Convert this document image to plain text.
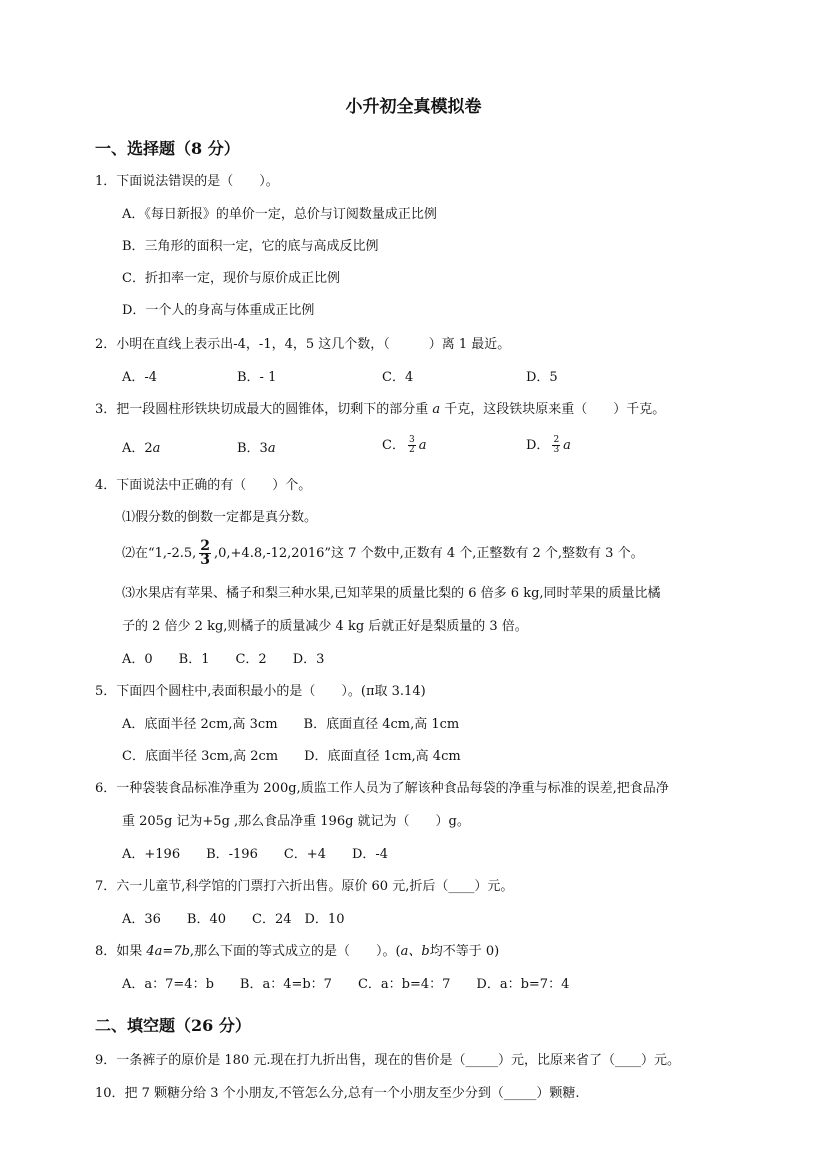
小升初全真模拟卷
一、选择题（8 分）
1．下面说法错误的是（　　）。
A．《每日新报》的单价一定，总价与订阅数量成正比例
B．三角形的面积一定，它的底与高成反比例
C．折扣率一定，现价与原价成正比例
D．一个人的身高与体重成正比例
2．小明在直线上表示出-4，-1，4，5 这几个数，（　　　）离 1 最近。
A．-4	B．- 1	C．4	D．5
3．把一段圆柱形铁块切成最大的圆锥体，切剩下的部分重 a 千克，这段铁块原来重（　　）千克。
A．2a	B．3a	C． $\frac{3}{2}$ a	D． $\frac{2}{3}$ a
4．下面说法中正确的有（　　）个。
⑴假分数的倒数一定都是真分数。
⑵在“1,-2.5, $\frac{2}{3} ,0,+4.8,-12,2016$”这 7 个数中,正数有 4 个,正整数有 2 个,整数有 3 个。
⑶水果店有苹果、橘子和梨三种水果,已知苹果的质量比梨的 6 倍多 6 kg,同时苹果的质量比橘
子的 2 倍少 2 kg,则橘子的质量减少 4 kg 后就正好是梨质量的 3 倍。
A．0　　B．1　　C．2　　D．3
5．下面四个圆柱中,表面积最小的是（　　）。(π取 3.14)
A．底面半径 2cm,高 3cm　　B．底面直径 4cm,高 1cm
C．底面半径 3cm,高 2cm　　D．底面直径 1cm,高 4cm
6．一种袋装食品标准净重为 200g,质监工作人员为了解该种食品每袋的净重与标准的误差,把食品净
重 205g 记为+5g ,那么食品净重 196g 就记为（　　）g。
A．+196　　B．-196　　C．+4　　D．-4
7．六一儿童节,科学馆的门票打六折出售。原价 60 元,折后（____）元。
A．36　　B．40　　C．24　D．10
8．如果 4a=7b,那么下面的等式成立的是（　　）。(a、b均不等于 0)
A．a：7=4：b　　B．a：4=b：7　　C．a：b=4：7　　D．a：b=7：4
二、填空题（26 分）
9．一条裤子的原价是 180 元.现在打九折出售，现在的售价是（_____）元，比原来省了（____）元。
10．把 7 颗糖分给 3 个小朋友,不管怎么分,总有一个小朋友至少分到（_____）颗糖.
